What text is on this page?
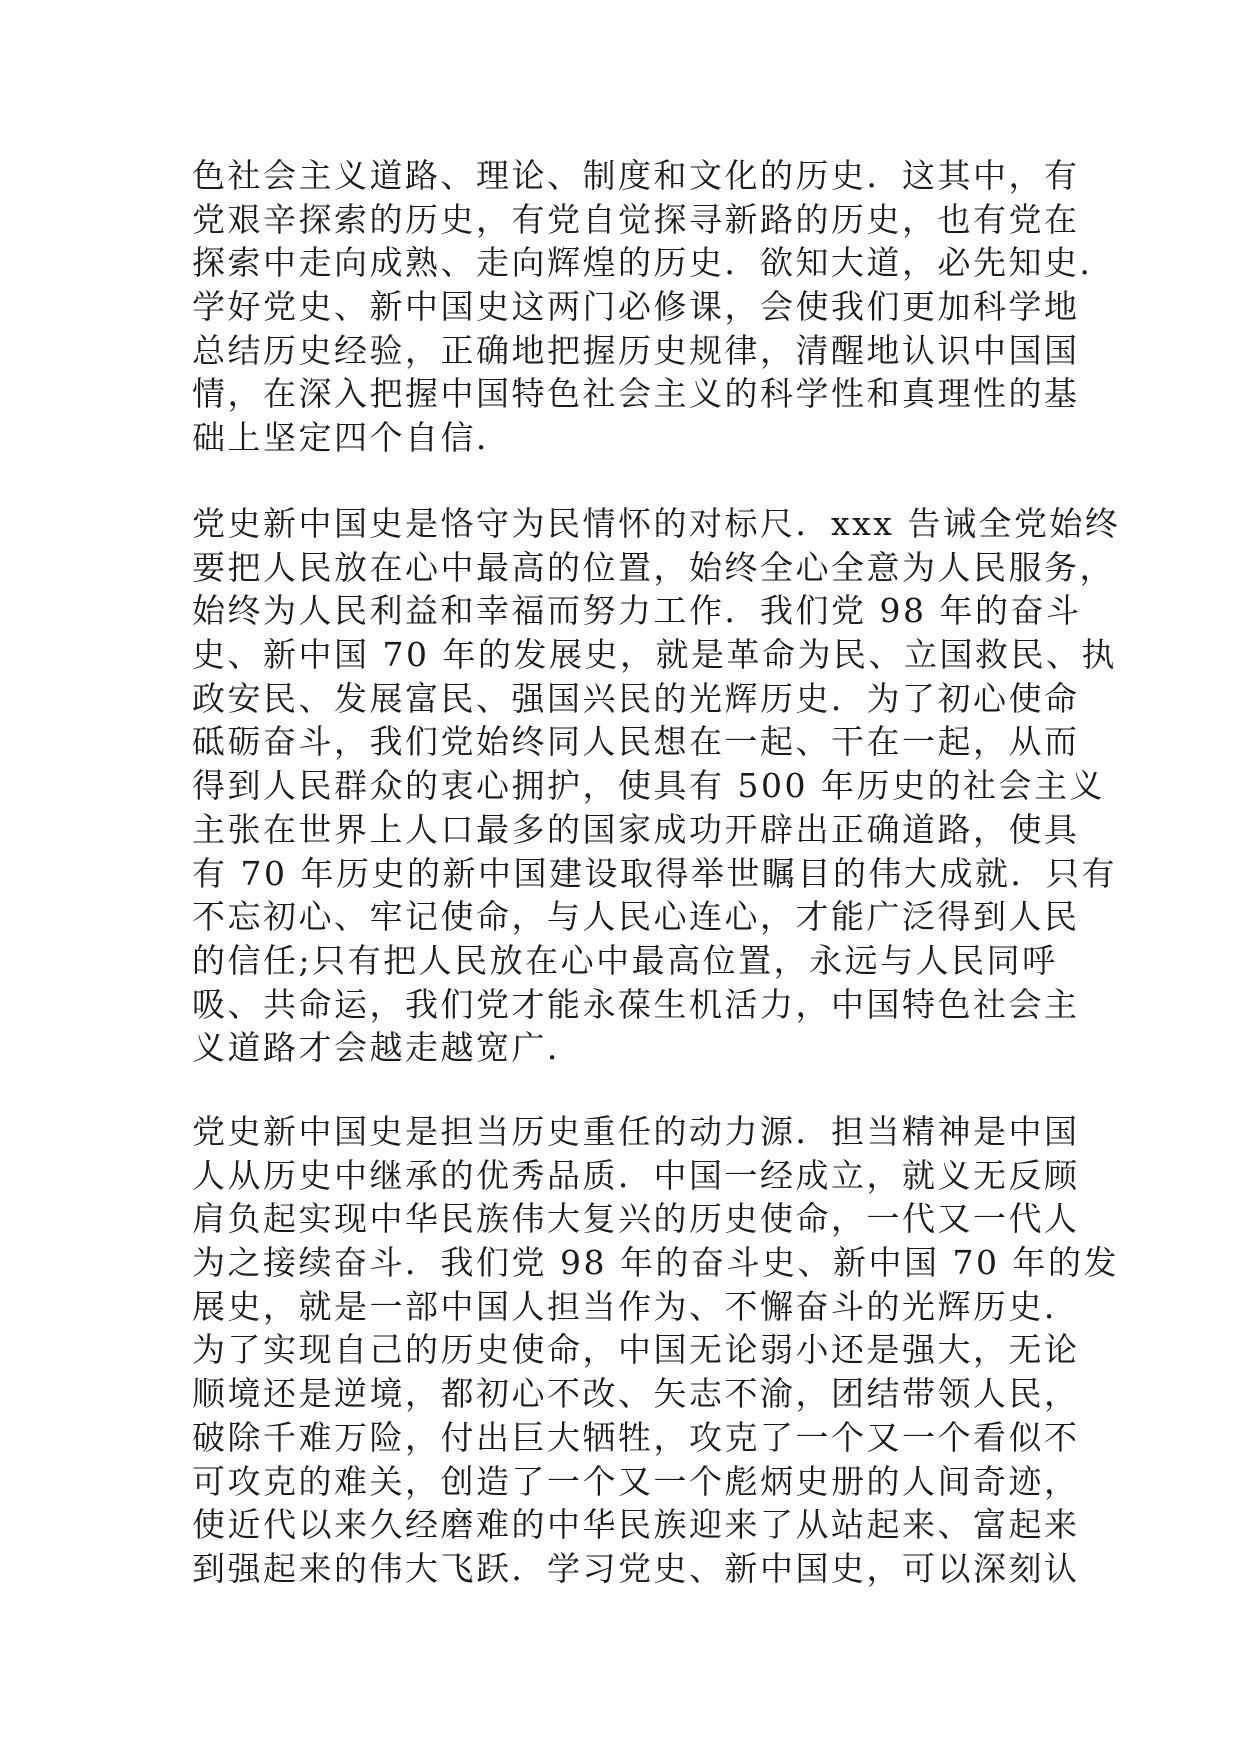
色社会主义道路、理论、制度和文化的历史．这其中，有
党艰辛探索的历史，有党自觉探寻新路的历史，也有党在
探索中走向成熟、走向辉煌的历史．欲知大道，必先知史．
学好党史、新中国史这两门必修课，会使我们更加科学地
总结历史经验，正确地把握历史规律，清醒地认识中国国
情，在深入把握中国特色社会主义的科学性和真理性的基
础上坚定四个自信．
党史新中国史是恪守为民情怀的对标尺．xxx 告诫全党始终
要把人民放在心中最高的位置，始终全心全意为人民服务，
始终为人民利益和幸福而努力工作．我们党 98 年的奋斗
史、新中国 70 年的发展史，就是革命为民、立国救民、执
政安民、发展富民、强国兴民的光辉历史．为了初心使命
砥砺奋斗，我们党始终同人民想在一起、干在一起，从而
得到人民群众的衷心拥护，使具有 500 年历史的社会主义
主张在世界上人口最多的国家成功开辟出正确道路，使具
有 70 年历史的新中国建设取得举世瞩目的伟大成就．只有
不忘初心、牢记使命，与人民心连心，才能广泛得到人民
的信任;只有把人民放在心中最高位置，永远与人民同呼
吸、共命运，我们党才能永葆生机活力，中国特色社会主
义道路才会越走越宽广．
党史新中国史是担当历史重任的动力源．担当精神是中国
人从历史中继承的优秀品质．中国一经成立，就义无反顾
肩负起实现中华民族伟大复兴的历史使命，一代又一代人
为之接续奋斗．我们党 98 年的奋斗史、新中国 70 年的发
展史，就是一部中国人担当作为、不懈奋斗的光辉历史．
为了实现自己的历史使命，中国无论弱小还是强大，无论
顺境还是逆境，都初心不改、矢志不渝，团结带领人民，
破除千难万险，付出巨大牺牲，攻克了一个又一个看似不
可攻克的难关，创造了一个又一个彪炳史册的人间奇迹，
使近代以来久经磨难的中华民族迎来了从站起来、富起来
到强起来的伟大飞跃．学习党史、新中国史，可以深刻认
